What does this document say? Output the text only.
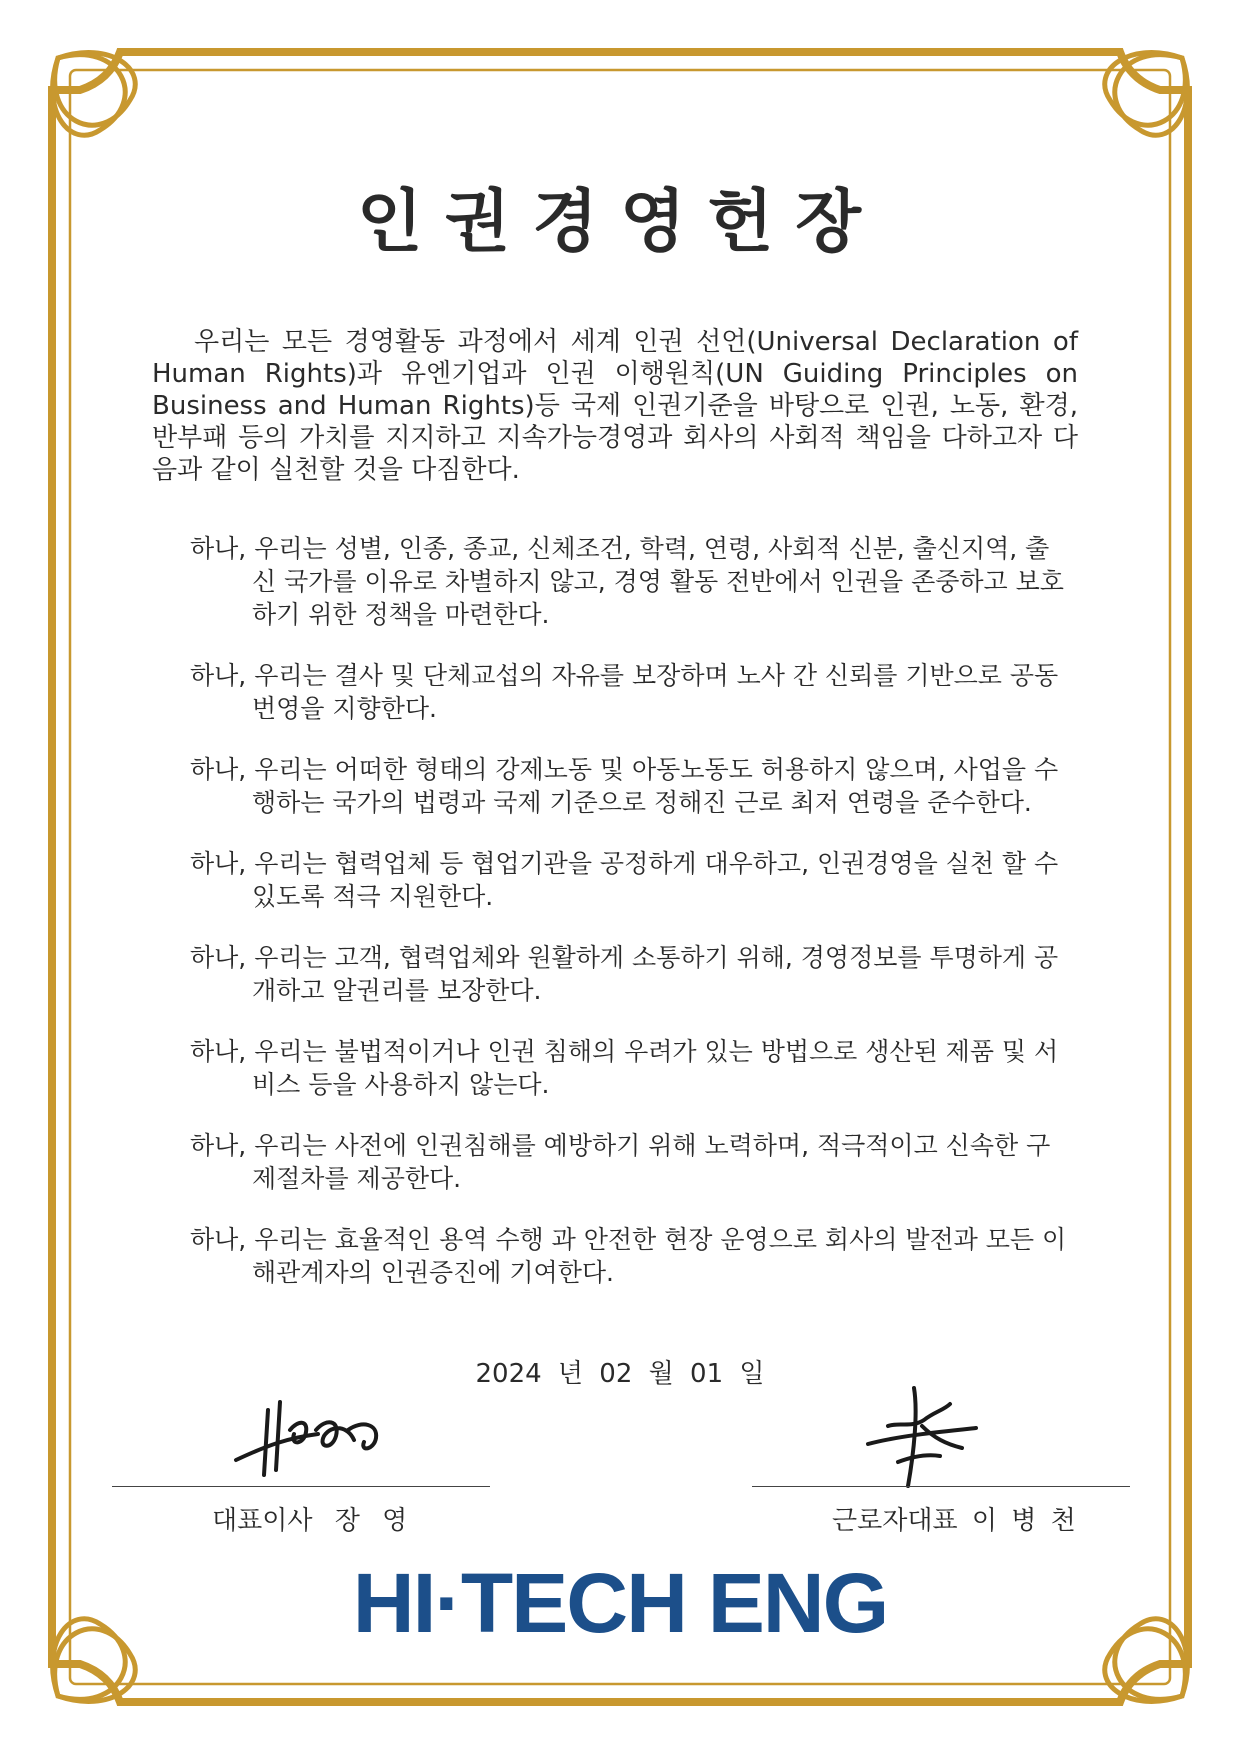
인권경영헌장
우리는 모든 경영활동 과정에서 세계 인권 선언(Universal Declaration of Human Rights)과 유엔기업과 인권 이행원칙(UN Guiding Principles on Business and Human Rights)등 국제 인권기준을 바탕으로 인권, 노동, 환경, 반부패 등의 가치를 지지하고 지속가능경영과 회사의 사회적 책임을 다하고자 다음과 같이 실천할 것을 다짐한다.
하나, 우리는 성별, 인종, 종교, 신체조건, 학력, 연령, 사회적 신분, 출신지역, 출신 국가를 이유로 차별하지 않고, 경영 활동 전반에서 인권을 존중하고 보호하기 위한 정책을 마련한다.
하나, 우리는 결사 및 단체교섭의 자유를 보장하며 노사 간 신뢰를 기반으로 공동 번영을 지향한다.
하나, 우리는 어떠한 형태의 강제노동 및 아동노동도 허용하지 않으며, 사업을 수행하는 국가의 법령과 국제 기준으로 정해진 근로 최저 연령을 준수한다.
하나, 우리는 협력업체 등 협업기관을 공정하게 대우하고, 인권경영을 실천 할 수 있도록 적극 지원한다.
하나, 우리는 고객, 협력업체와 원활하게 소통하기 위해, 경영정보를 투명하게 공개하고 알권리를 보장한다.
하나, 우리는 불법적이거나 인권 침해의 우려가 있는 방법으로 생산된 제품 및 서비스 등을 사용하지 않는다.
하나, 우리는 사전에 인권침해를 예방하기 위해 노력하며, 적극적이고 신속한 구제절차를 제공한다.
하나, 우리는 효율적인 용역 수행 과 안전한 현장 운영으로 회사의 발전과 모든 이해관계자의 인권증진에 기여한다.
2024 년 02 월 01 일
대표이사 장 영	근로자대표 이 병 천
HI·TECH ENG
